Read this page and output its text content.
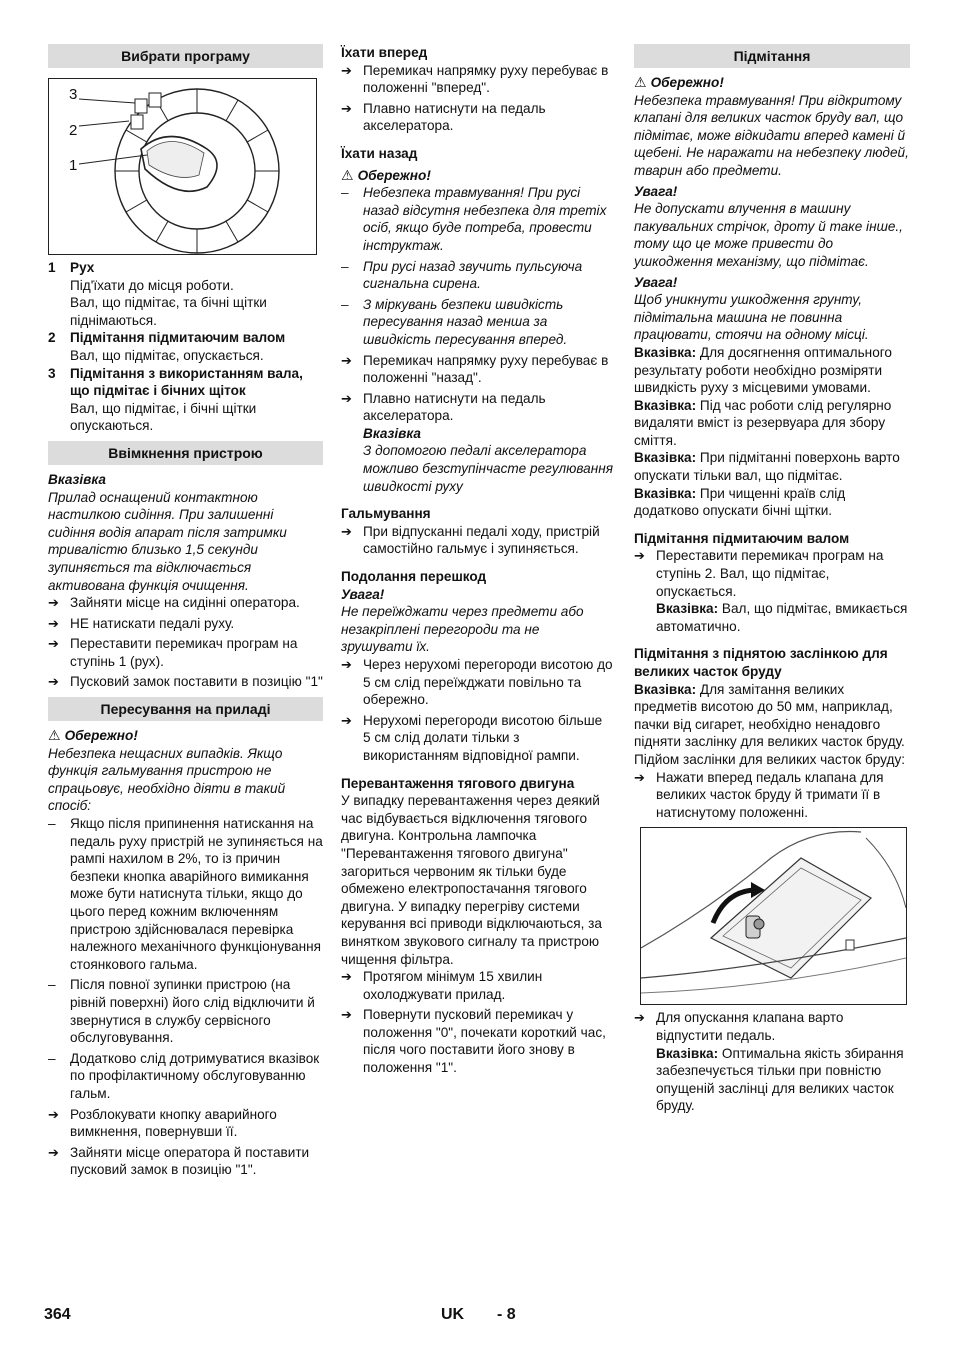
Вибрати програму
3
2
1
1 Рух

Під'їхати до місця роботи.

Вал, що підмітає, та бічні щітки піднімаються.

2 Підмітання підмитаючим валом

Вал, що підмітає, опускається.

3 Підмітання з використанням вала, що підмітає і бічних щіток

Вал, що підмітає, і бічні щітки опускаються.

Ввімкнення пристрою

Вказівка

Прилад оснащений контактною настилкою сидіння. При залишенні сидіння водія апарат після затримки тривалістю близько 1,5 секунди зупиняється та відключається активована функція очищення.

➔ Зайняти місце на сидінні оператора.

➔ НЕ натискати педалі руху.

➔ Переставити перемикач програм на ступінь 1 (рух).

➔ Пусковий замок поставити в позицію "1"

Пересування на приладі

⚠ Обережно!

Небезпека нещасних випадків. Якщо функція гальмування пристрою не спрацьовує, необхідно діяти в такий спосіб:

– Якщо після припинення натискання на педаль руху пристрій не зупиняється на рампі нахилом в 2%, то із причин безпеки кнопка аварійного вимикання може бути натиснута тільки, якщо до цього перед кожним включенням пристрою здійснювалася перевірка належного механічного функціонування стоянкового гальма.

– Після повної зупинки пристрою (на рівній поверхні) його слід відключити й звернутися в службу сервісного обслуговування.

– Додатково слід дотримуватися вказівок по профілактичному обслуговуванню гальм.

➔ Розблокувати кнопку аварийного вимкнення, повернувши її.

➔ Зайняти місце оператора й поставити пусковий замок в позицію "1".

Їхати вперед

➔ Перемикач напрямку руху перебуває в положенні "вперед".

➔ Плавно натиснути на педаль акселератора.

Їхати назад

⚠ Обережно!

– Небезпека травмування! При русі назад відсутня небезпека для третіх осіб, якщо буде потреба, провести інструктаж.

– При русі назад звучить пульсуюча сигнальна сирена.

– З міркувань безпеки швидкість пересування назад менша за швидкість пересування вперед.

➔ Перемикач напрямку руху перебуває в положенні "назад".

➔ Плавно натиснути на педаль акселератора.

Вказівка

З допомогою педалі акселератора можливо безступінчасте регулювання швидкості руху

Гальмування

➔ При відпусканні педалі ходу, пристрій самостійно гальмує і зупиняється.

Подолання перешкод

Увага!

Не переїжджати через предмети або незакріплені перегороди та не зрушувати їх.

➔ Через нерухомі перегороди висотою до 5 см слід переїжджати повільно та обережно.

➔ Нерухомі перегороди висотою більше 5 см слід долати тільки з використанням відповідної рампи.

Перевантаження тягового двигуна

У випадку перевантаження через деякий час відбувається відключення тягового двигуна. Контрольна лампочка "Перевантаження тягового двигуна" загориться червоним як тільки буде обмежено електропостачання тягового двигуна. У випадку перегріву системи керування всі приводи відключаються, за винятком звукового сигналу та пристрою чищення фільтра.

➔ Протягом мінімум 15 хвилин охолоджувати прилад.

➔ Повернути пусковий перемикач у положення "0", почекати короткий час, після чого поставити його знову в положення "1".

Підмітання

⚠ Обережно!

Небезпека травмування! При відкритому клапані для великих часток бруду вал, що підмітає, може відкидати вперед камені й щебені. Не наражати на небезпеку людей, тварин або предмети.

Увага!

Не допускати влучення в машину пакувальних стрічок, дроту й таке інше., тому що це може привести до ушкодження механізму, що підмітає.

Увага!

Щоб уникнути ушкодження грунту, підмітальна машина не повинна працювати, стоячи на одному місці.

Вказівка: Для досягнення оптимального результату роботи необхідно розміряти швидкість руху з місцевими умовами.

Вказівка: Під час роботи слід регулярно видаляти вміст із резервуара для збору сміття.

Вказівка: При підмітанні поверхонь варто опускати тільки вал, що підмітає.

Вказівка: При чищенні країв слід додатково опускати бічні щітки.

Підмітання підмитаючим валом

➔ Переставити перемикач програм на ступінь 2. Вал, що підмітає, опускається.

Вказівка: Вал, що підмітає, вмикається автоматично.

Підмітання з піднятою заслінкою для великих часток бруду

Вказівка: Для замітання великих предметів висотою до 50 мм, наприклад, пачки від сигарет, необхідно ненадовго підняти заслінку для великих часток бруду.

Підйом заслінки для великих часток бруду:

➔ Нажати вперед педаль клапана для великих часток бруду й тримати її в натиснутому положенні.

➔ Для опускання клапана варто відпустити педаль.

Вказівка: Оптимальна якість збирання забезпечується тільки при повністю опущеній заслінці для великих часток бруду.

364	UK - 8
